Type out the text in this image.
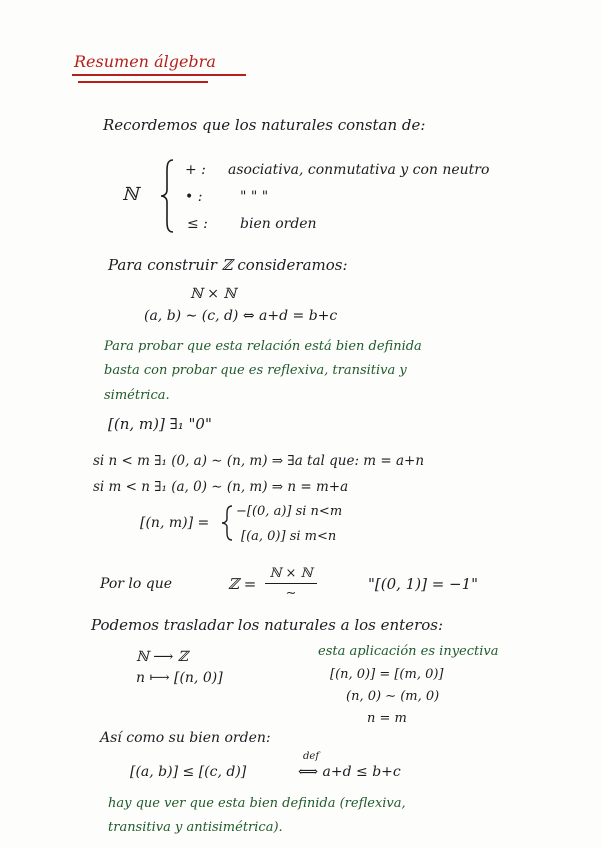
Resumen álgebra
Recordemos que los naturales constan de:
ℕ
+ : asociativa, conmutativa y con neutro
• :	" " "
≤ : bien orden
Para construir ℤ consideramos:
ℕ × ℕ
(a, b) ∼ (c, d) ⇔ a+d = b+c
Para probar que esta relación está bien definida
basta con probar que es reflexiva, transitiva y
simétrica.
[(n, m)] ∃₁ "0"
si n < m ∃₁ (0, a) ∼ (n, m) ⇒ ∃a tal que: m = a+n
si m < n ∃₁ (a, 0) ∼ (n, m) ⇒ n = m+a
[(n, m)] =
−[(0, a)] si n<m
[(a, 0)] si m<n
Por lo que	ℤ =
ℕ × ℕ
∼
"[(0, 1)] = −1"
Podemos trasladar los naturales a los enteros:
ℕ ⟶ ℤ
n ⟼ [(n, 0)]
esta aplicación es inyectiva
[(n, 0)] = [(m, 0)]
(n, 0) ∼ (m, 0)
n = m
Así como su bien orden:
[(a, b)] ≤ [(c, d)]
def
⟺ a+d ≤ b+c
hay que ver que esta bien definida (reflexiva,
transitiva y antisimétrica).
